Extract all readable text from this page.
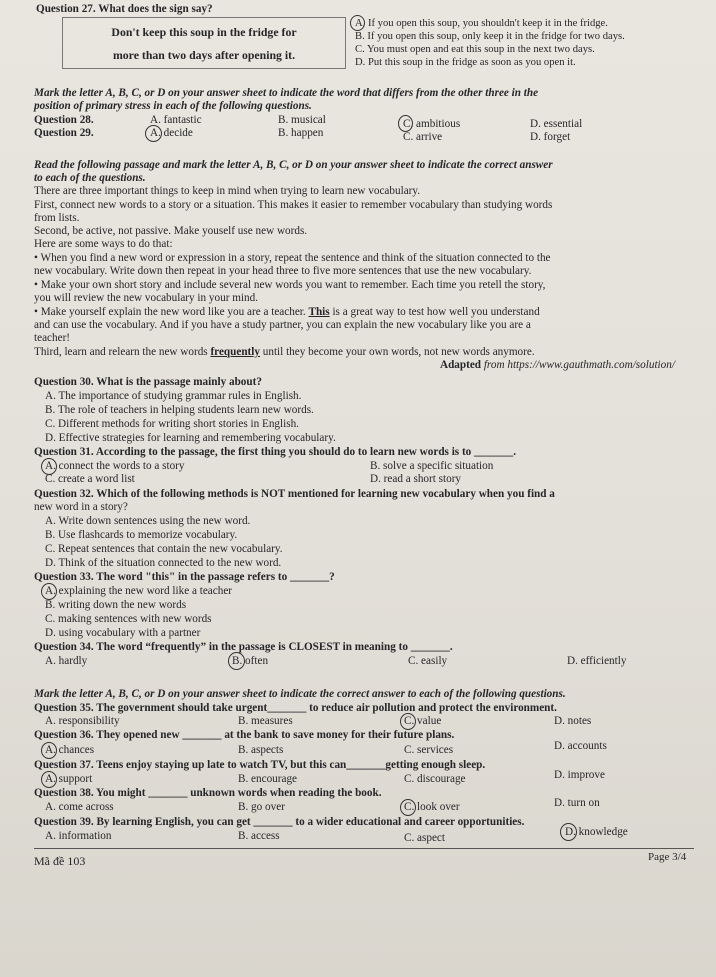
Question 27. What does the sign say?
Don't keep this soup in the fridge for
more than two days after opening it.
A. If you open this soup, you shouldn't keep it in the fridge.
B. If you open this soup, only keep it in the fridge for two days.
C. You must open and eat this soup in the next two days.
D. Put this soup in the fridge as soon as you open it.
Mark the letter A, B, C, or D on your answer sheet to indicate the word that differs from the other three in the
position of primary stress in each of the following questions.
Question 28.	A. fantastic	B. musical	C. ambitious	D. essential
Question 29.	A. decide	B. happen	C. arrive	D. forget
Read the following passage and mark the letter A, B, C, or D on your answer sheet to indicate the correct answer
to each of the questions.
There are three important things to keep in mind when trying to learn new vocabulary.
First, connect new words to a story or a situation. This makes it easier to remember vocabulary than studying words
from lists.
Second, be active, not passive. Make youself use new words.
Here are some ways to do that:
• When you find a new word or expression in a story, repeat the sentence and think of the situation connected to the
new vocabulary. Write down then repeat in your head three to five more sentences that use the new vocabulary.
• Make your own short story and include several new words you want to remember. Each time you retell the story,
you will review the new vocabulary in your mind.
• Make yourself explain the new word like you are a teacher. This is a great way to test how well you understand
and can use the vocabulary. And if you have a study partner, you can explain the new vocabulary like you are a
teacher!
Third, learn and relearn the new words frequently until they become your own words, not new words anymore.
Adapted from https://www.gauthmath.com/solution/
Question 30. What is the passage mainly about?
A. The importance of studying grammar rules in English.
B. The role of teachers in helping students learn new words.
C. Different methods for writing short stories in English.
D. Effective strategies for learning and remembering vocabulary.
Question 31. According to the passage, the first thing you should do to learn new words is to _______.
A. connect the words to a story	B. solve a specific situation
C. create a word list	D. read a short story
Question 32. Which of the following methods is NOT mentioned for learning new vocabulary when you find a
new word in a story?
A. Write down sentences using the new word.
B. Use flashcards to memorize vocabulary.
C. Repeat sentences that contain the new vocabulary.
D. Think of the situation connected to the new word.
Question 33. The word "this" in the passage refers to _______?
A. explaining the new word like a teacher
B. writing down the new words
C. making sentences with new words
D. using vocabulary with a partner
Question 34. The word “frequently” in the passage is CLOSEST in meaning to _______.
A. hardly	B. often	C. easily	D. efficiently
Mark the letter A, B, C, or D on your answer sheet to indicate the correct answer to each of the following questions.
Question 35. The government should take urgent_______ to reduce air pollution and protect the environment.
A. responsibility	B. measures	C. value	D. notes
Question 36. They opened new _______ at the bank to save money for their future plans.
A. chances	B. aspects	C. services	D. accounts
Question 37. Teens enjoy staying up late to watch TV, but this can_______getting enough sleep.
A. support	B. encourage	C. discourage	D. improve
Question 38. You might _______ unknown words when reading the book.
A. come across	B. go over	C. look over	D. turn on
Question 39. By learning English, you can get _______ to a wider educational and career opportunities.
A. information	B. access	C. aspect	D. knowledge
Mã đề 103	Page 3/4
